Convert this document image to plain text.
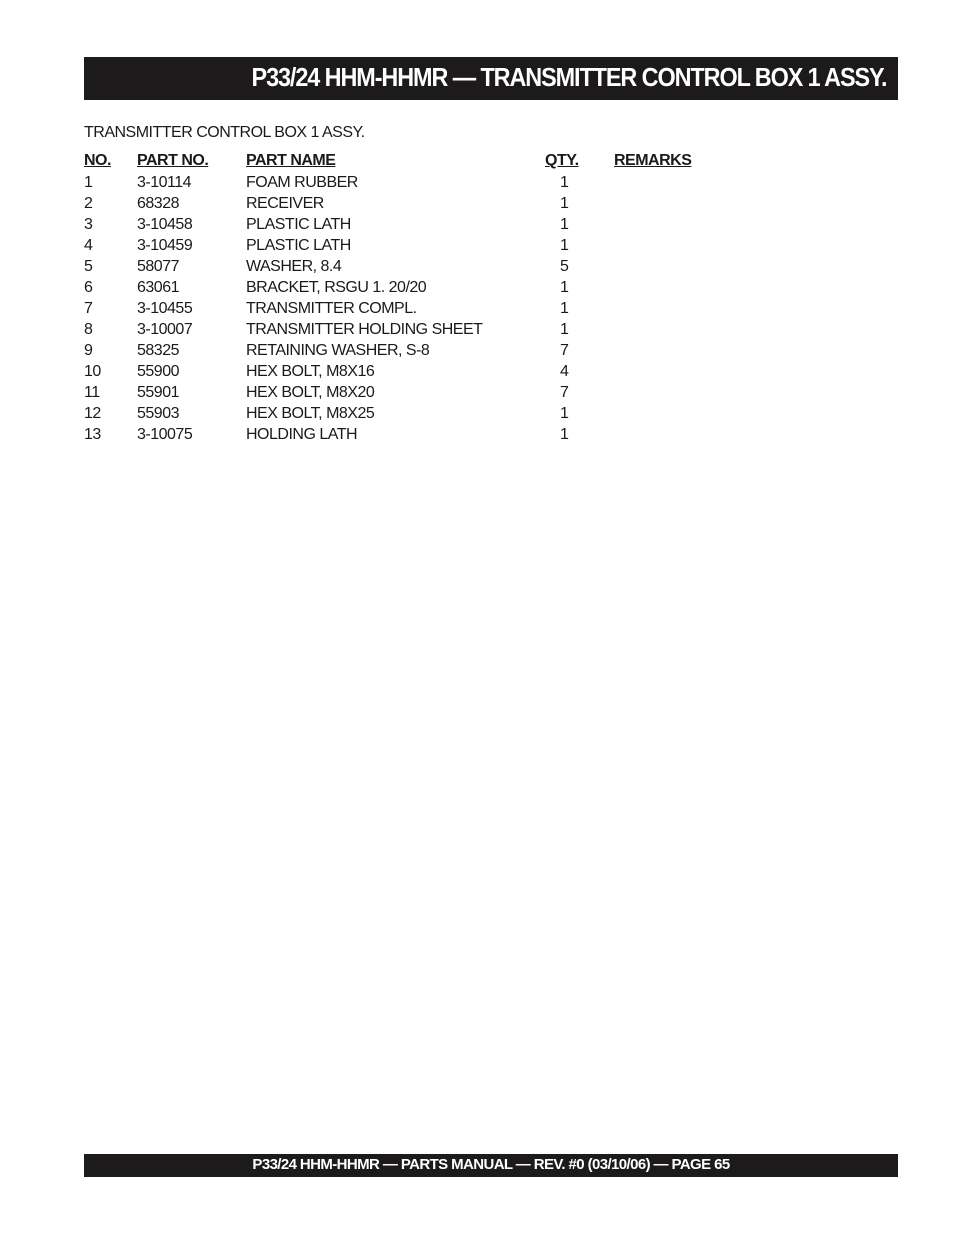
P33/24 HHM-HHMR — TRANSMITTER CONTROL BOX 1 ASSY.
TRANSMITTER CONTROL BOX 1 ASSY.
NO.	PART NO.	PART NAME	QTY.	REMARKS
1	3-10114	FOAM RUBBER	1	
2	68328	RECEIVER	1	
3	3-10458	PLASTIC LATH	1	
4	3-10459	PLASTIC LATH	1	
5	58077	WASHER, 8.4	5	
6	63061	BRACKET, RSGU 1. 20/20	1	
7	3-10455	TRANSMITTER COMPL.	1	
8	3-10007	TRANSMITTER HOLDING SHEET	1	
9	58325	RETAINING WASHER, S-8	7	
10	55900	HEX BOLT, M8X16	4	
11	55901	HEX BOLT, M8X20	7	
12	55903	HEX BOLT, M8X25	1	
13	3-10075	HOLDING LATH	1	
P33/24 HHM-HHMR — PARTS MANUAL — REV. #0 (03/10/06) — PAGE 65
